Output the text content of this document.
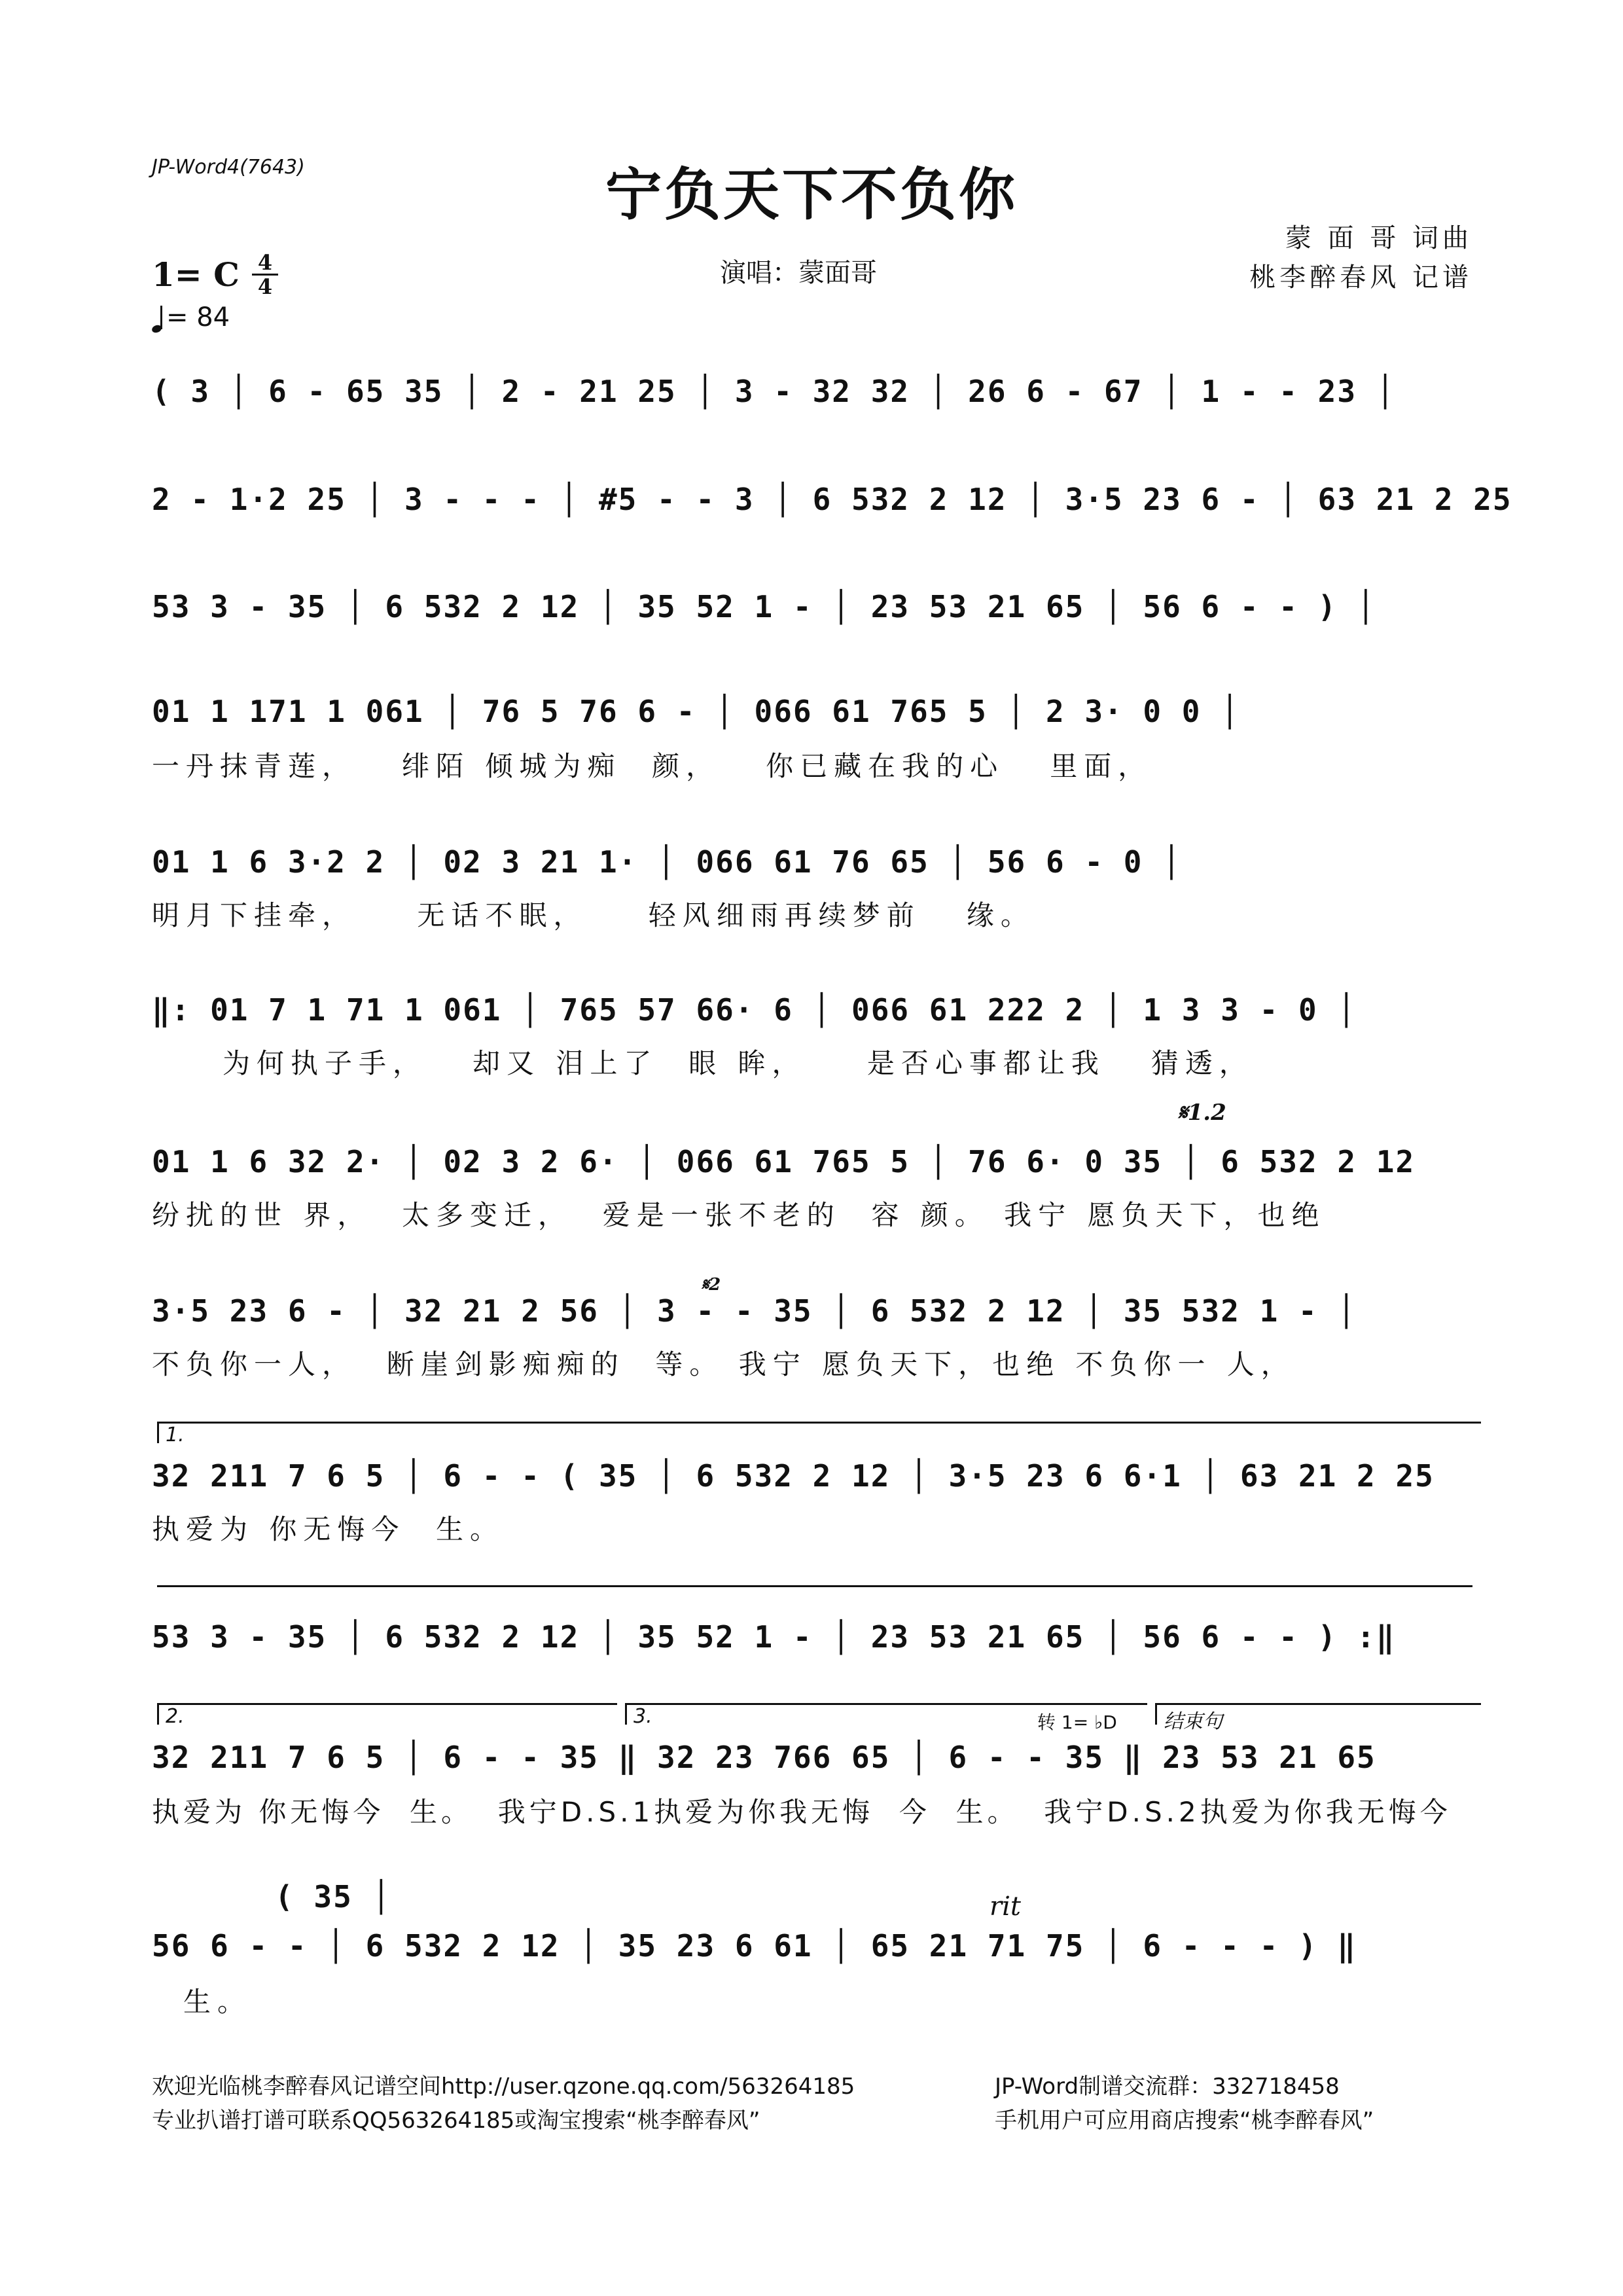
JP-Word4(7643)	宁负天下不负你
演唱：蒙面哥
蒙 面 哥 词曲
桃李醉春风 记谱
1= C 4
4
= 84
( 3 │ 6 - 65 35 │ 2 - 21 25 │ 3 - 32 32 │ 26 6 - 67 │ 1 - - 23 │
2 - 1·2 25 │ 3 - - - │ #5 - - 3 │ 6 532 2 12 │ 3·5 23 6 - │ 63 21 2 25
53 3 - 35 │ 6 532 2 12 │ 35 52 1 - │ 23 53 21 65 │ 56 6 - - ) │
01 1 171 1 061 │ 76 5 76 6 - │ 066 61 765 5 │ 2 3· 0 0 │
一丹抹青莲，   绯陌 倾城为痴  颜，   你已藏在我的心   里面，
01 1 6 3·2 2 │ 02 3 21 1· │ 066 61 76 65 │ 56 6 - 0 │
明月下挂牵，    无话不眠，    轻风细雨再续梦前   缘。
‖: 01 7 1 71 1 061 │ 765 57 66· 6 │ 066 61 222 2 │ 1 3 3 - 0 │
为何执子手，   却又 泪上了  眼 眸，    是否心事都让我   猜透，
𝄋1.2
01 1 6 32 2· │ 02 3 2 6· │ 066 61 765 5 │ 76 6· 0 35 │ 6 532 2 12
纷扰的世 界，  太多变迁，  爱是一张不老的  容 颜。 我宁 愿负天下，也绝
𝄋2
3·5 23 6 - │ 32 21 2 56 │ 3 - - 35 │ 6 532 2 12 │ 35 532 1 - │
不负你一人，  断崖剑影痴痴的  等。 我宁 愿负天下，也绝 不负你一 人，
1.
32 211 7 6 5 │ 6 - - ( 35 │ 6 532 2 12 │ 3·5 23 6 6·1 │ 63 21 2 25
执爱为 你无悔今  生。
53 3 - 35 │ 6 532 2 12 │ 35 52 1 - │ 23 53 21 65 │ 56 6 - - ) :‖
2.	3.	转 1= ♭D	结束句
32 211 7 6 5 │ 6 - - 35 ‖ 32 23 766 65 │ 6 - - 35 ‖ 23 53 21 65
执爱为 你无悔今  生。  我宁D.S.1执爱为你我无悔  今  生。  我宁D.S.2执爱为你我无悔今
( 35 │	rit
56 6 - - │ 6 532 2 12 │ 35 23 6 61 │ 65 21 71 75 │ 6 - - - ) ‖
生。
欢迎光临桃李醉春风记谱空间http://user.qzone.qq.com/563264185	JP-Word制谱交流群：332718458
专业扒谱打谱可联系QQ563264185或淘宝搜索“桃李醉春风”	手机用户可应用商店搜索“桃李醉春风”
